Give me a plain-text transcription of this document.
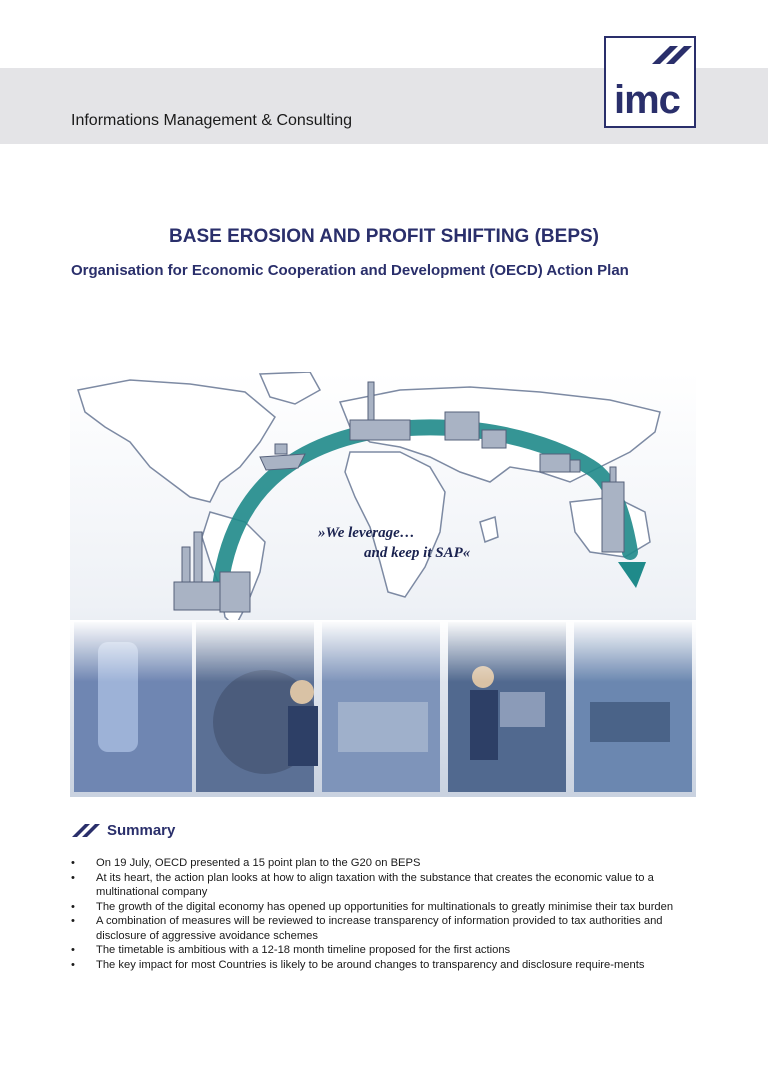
Informations Management & Consulting	imc
BASE EROSION AND PROFIT SHIFTING (BEPS)
Organisation for Economic Cooperation and Development (OECD) Action Plan
»We leverage…
and keep it SAP«
Summary
• On 19 July, OECD presented a 15 point plan to the G20 on BEPS
• At its heart, the action plan looks at how to align taxation with the substance that creates the economic value to a multinational company
• The growth of the digital economy has opened up opportunities for multinationals to greatly minimise their tax burden
• A combination of measures will be reviewed to increase transparency of information provided to tax authorities and disclosure of aggressive avoidance schemes
• The timetable is ambitious with a 12-18 month timeline proposed for the first actions
• The key impact for most Countries is likely to be around changes to transparency and disclosure require-ments
